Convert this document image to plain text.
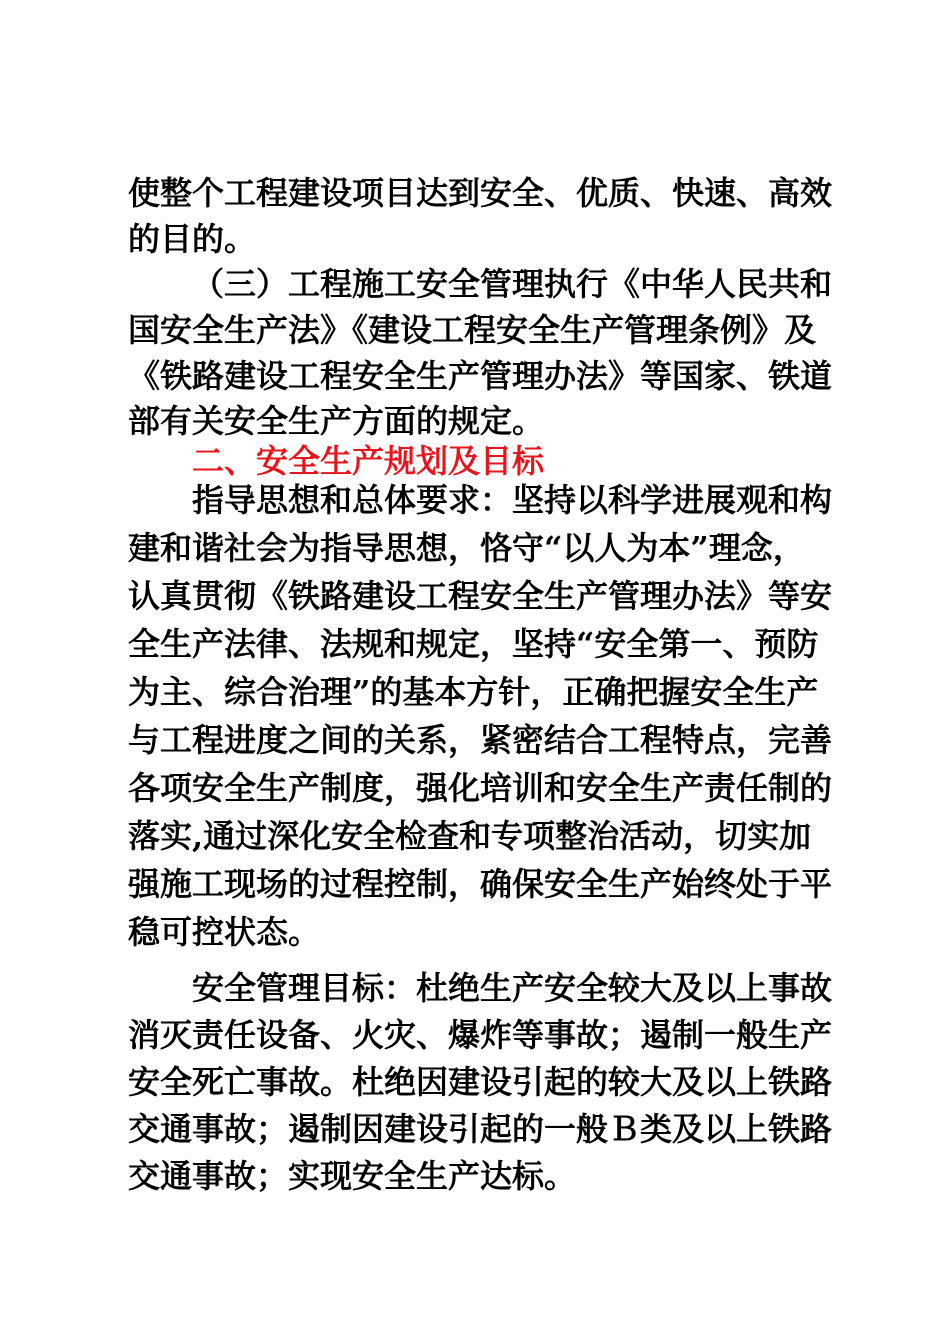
使整个工程建设项目达到安全、优质、快速、高效
的目的。
（三）工程施工安全管理执行《中华人民共和
国安全生产法》《建设工程安全生产管理条例》及
《铁路建设工程安全生产管理办法》等国家、铁道
部有关安全生产方面的规定。
二、安全生产规划及目标
指导思想和总体要求：坚持以科学进展观和构
建和谐社会为指导思想，恪守“以人为本”理念，
认真贯彻《铁路建设工程安全生产管理办法》等安
全生产法律、法规和规定，坚持“安全第一、预防
为主、综合治理”的基本方针，正确把握安全生产
与工程进度之间的关系，紧密结合工程特点，完善
各项安全生产制度，强化培训和安全生产责任制的
落实,通过深化安全检查和专项整治活动，切实加
强施工现场的过程控制，确保安全生产始终处于平
稳可控状态。
安全管理目标：杜绝生产安全较大及以上事故
消灭责任设备、火灾、爆炸等事故；遏制一般生产
安全死亡事故。杜绝因建设引起的较大及以上铁路
交通事故；遏制因建设引起的一般Ｂ类及以上铁路
交通事故；实现安全生产达标。
